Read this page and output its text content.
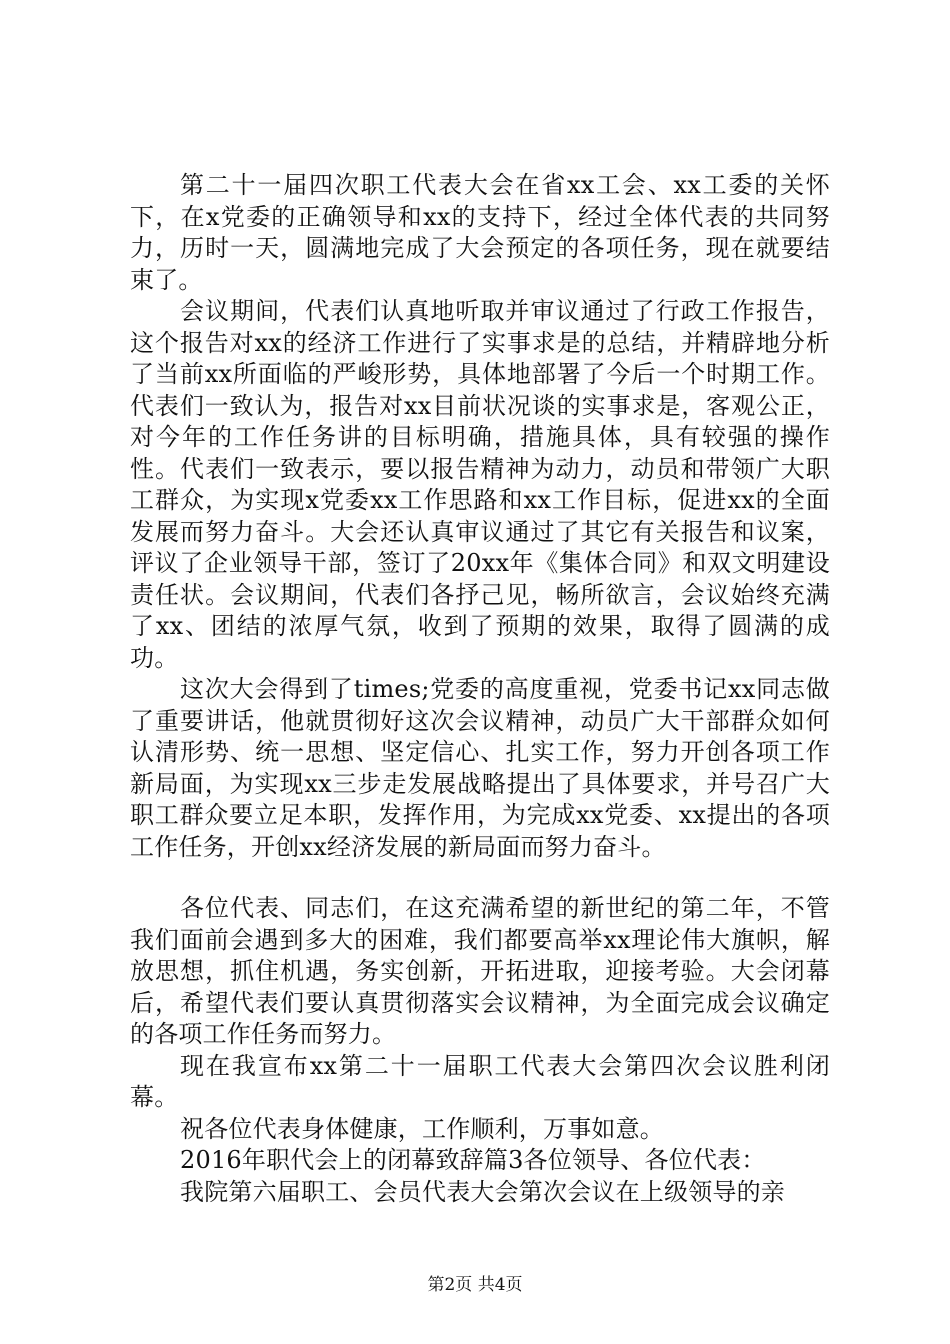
第二十一届四次职工代表大会在省xx工会、xx工委的关怀下，在x党委的正确领导和xx的支持下，经过全体代表的共同努力，历时一天，圆满地完成了大会预定的各项任务，现在就要结束了。

会议期间，代表们认真地听取并审议通过了行政工作报告，这个报告对xx的经济工作进行了实事求是的总结，并精辟地分析了当前xx所面临的严峻形势，具体地部署了今后一个时期工作。代表们一致认为，报告对xx目前状况谈的实事求是，客观公正，对今年的工作任务讲的目标明确，措施具体，具有较强的操作性。代表们一致表示，要以报告精神为动力，动员和带领广大职工群众，为实现x党委xx工作思路和xx工作目标，促进xx的全面发展而努力奋斗。大会还认真审议通过了其它有关报告和议案，评议了企业领导干部，签订了20xx年《集体合同》和双文明建设责任状。会议期间，代表们各抒己见，畅所欲言，会议始终充满了xx、团结的浓厚气氛，收到了预期的效果，取得了圆满的成功。

这次大会得到了times;党委的高度重视，党委书记xx同志做了重要讲话，他就贯彻好这次会议精神，动员广大干部群众如何认清形势、统一思想、坚定信心、扎实工作，努力开创各项工作新局面，为实现xx三步走发展战略提出了具体要求，并号召广大职工群众要立足本职，发挥作用，为完成xx党委、xx提出的各项工作任务，开创xx经济发展的新局面而努力奋斗。

各位代表、同志们，在这充满希望的新世纪的第二年，不管我们面前会遇到多大的困难，我们都要高举xx理论伟大旗帜，解放思想，抓住机遇，务实创新，开拓进取，迎接考验。大会闭幕后，希望代表们要认真贯彻落实会议精神，为全面完成会议确定的各项工作任务而努力。

现在我宣布xx第二十一届职工代表大会第四次会议胜利闭幕。

祝各位代表身体健康，工作顺利，万事如意。

2016年职代会上的闭幕致辞篇3各位领导、各位代表：

我院第六届职工、会员代表大会第次会议在上级领导的亲

第2页 共4页
